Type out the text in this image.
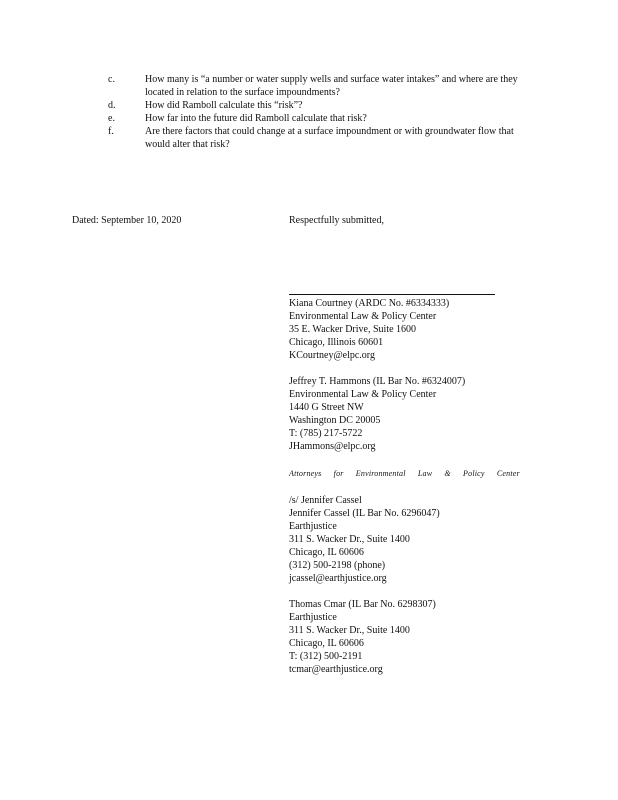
c.	How many is “a number or water supply wells and surface water intakes” and where are they located in relation to the surface impoundments?
d.	How did Ramboll calculate this “risk”?
e.	How far into the future did Ramboll calculate that risk?
f.	Are there factors that could change at a surface impoundment or with groundwater flow that would alter that risk?
Dated: September 10, 2020	Respectfully submitted,
Kiana Courtney (ARDC No. #6334333)
Environmental Law & Policy Center
35 E. Wacker Drive, Suite 1600
Chicago, Illinois 60601
KCourtney@elpc.org
Jeffrey T. Hammons (IL Bar No. #6324007)
Environmental Law & Policy Center
1440 G Street NW
Washington DC 20005
T: (785) 217-5722
JHammons@elpc.org
Attorneys for Environmental Law & Policy Center
/s/ Jennifer Cassel
Jennifer Cassel (IL Bar No. 6296047)
Earthjustice
311 S. Wacker Dr., Suite 1400
Chicago, IL 60606
(312) 500-2198 (phone)
jcassel@earthjustice.org
Thomas Cmar (IL Bar No. 6298307)
Earthjustice
311 S. Wacker Dr., Suite 1400
Chicago, IL 60606
T: (312) 500-2191
tcmar@earthjustice.org
